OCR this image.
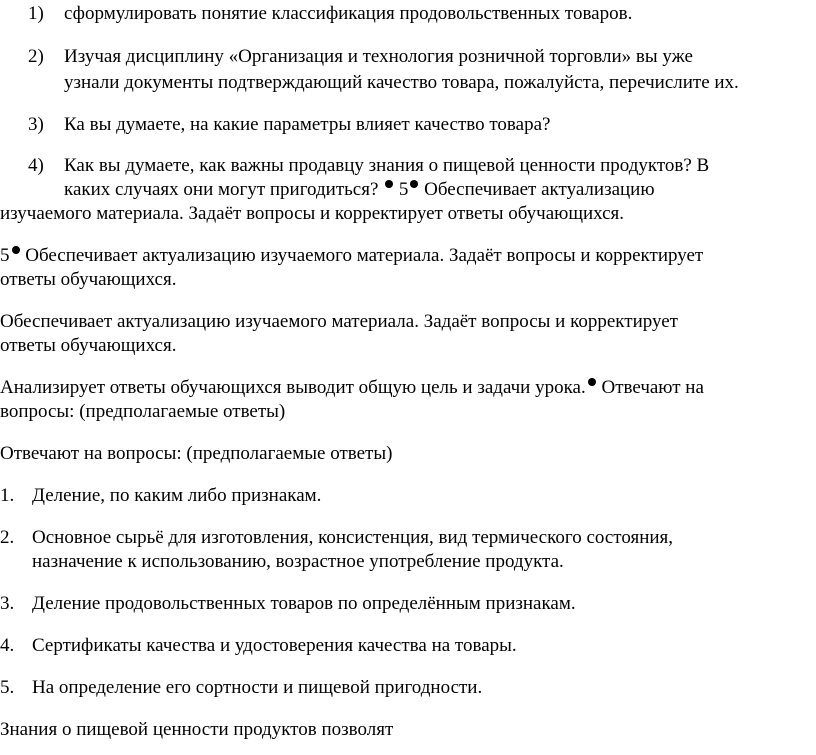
1) сформулировать понятие классификация продовольственных товаров.
2) Изучая дисциплину «Организация и технология розничной торговли» вы уже
узнали документы подтверждающий качество товара, пожалуйста, перечислите их.
3) Ка вы думаете, на какие параметры влияет качество товара?
4) Как вы думаете, как важны продавцу знания о пищевой ценности продуктов? В
каких случаях они могут пригодиться? 5 Обеспечивает актуализацию
изучаемого материала. Задаёт вопросы и корректирует ответы обучающихся.
5 Обеспечивает актуализацию изучаемого материала. Задаёт вопросы и корректирует
ответы обучающихся.
Обеспечивает актуализацию изучаемого материала. Задаёт вопросы и корректирует
ответы обучающихся.
Анализирует ответы обучающихся выводит общую цель и задачи урока. Отвечают на
вопросы: (предполагаемые ответы)
Отвечают на вопросы: (предполагаемые ответы)
1. Деление, по каким либо признакам.
2. Основное сырьё для изготовления, консистенция, вид термического состояния,
назначение к использованию, возрастное употребление продукта.
3. Деление продовольственных товаров по определённым признакам.
4. Сертификаты качества и удостоверения качества на товары.
5. На определение его сортности и пищевой пригодности.
Знания о пищевой ценности продуктов позволят
